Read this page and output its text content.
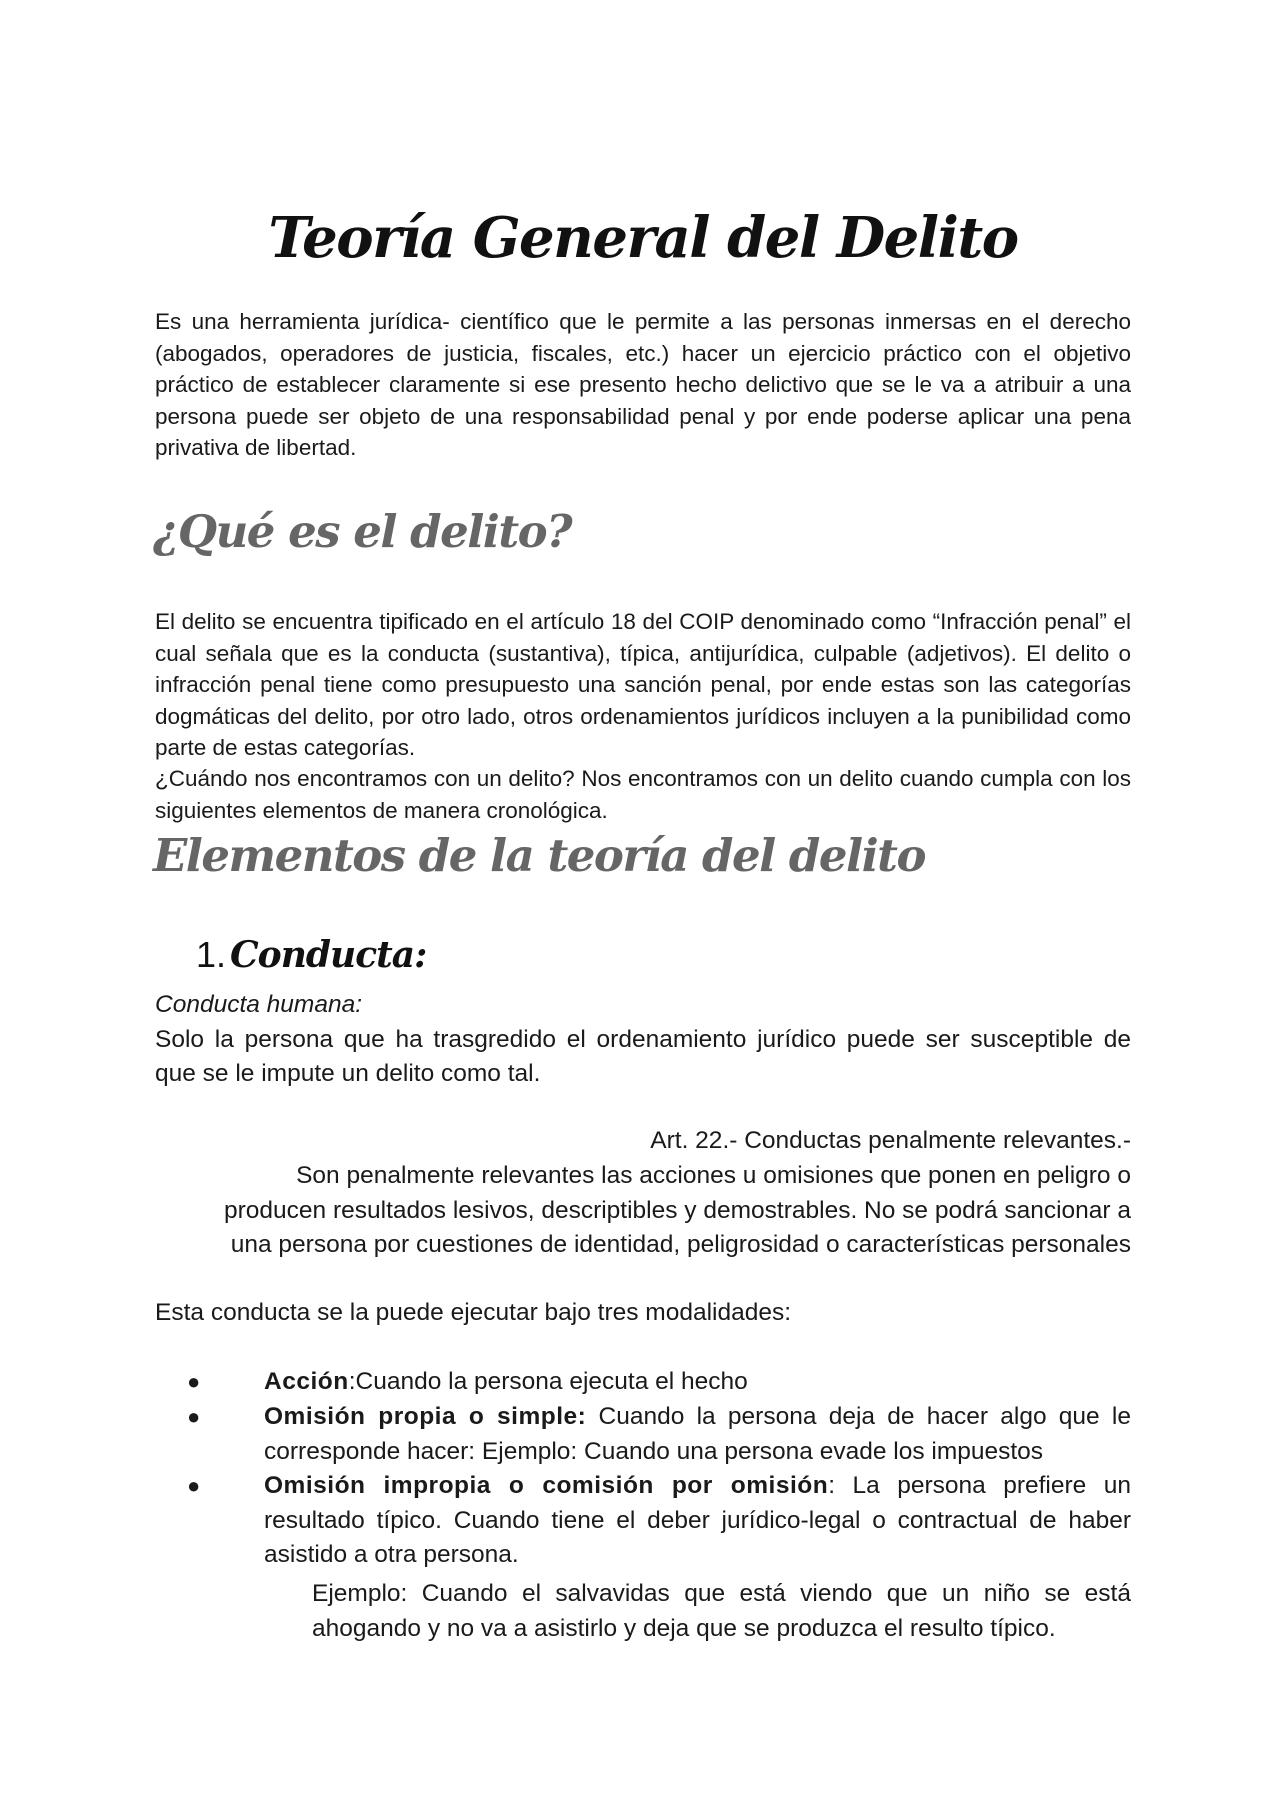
Teoría General del Delito

Es una herramienta jurídica- científico que le permite a las personas inmersas en el derecho (abogados, operadores de justicia, fiscales, etc.) hacer un ejercicio práctico con el objetivo práctico de establecer claramente si ese presento hecho delictivo que se le va a atribuir a una persona puede ser objeto de una responsabilidad penal y por ende poderse aplicar una pena privativa de libertad.

¿Qué es el delito?

El delito se encuentra tipificado en el artículo 18 del COIP denominado como “Infracción penal” el cual señala que es la conducta (sustantiva), típica, antijurídica, culpable (adjetivos). El delito o infracción penal tiene como presupuesto una sanción penal, por ende estas son las categorías dogmáticas del delito, por otro lado, otros ordenamientos jurídicos incluyen a la punibilidad como parte de estas categorías.

¿Cuándo nos encontramos con un delito? Nos encontramos con un delito cuando cumpla con los siguientes elementos de manera cronológica.

Elementos de la teoría del delito
1. Conducta:

Conducta humana:

Solo la persona que ha trasgredido el ordenamiento jurídico puede ser susceptible de que se le impute un delito como tal.

Art. 22.- Conductas penalmente relevantes.-

Son penalmente relevantes las acciones u omisiones que ponen en peligro o
producen resultados lesivos, descriptibles y demostrables. No se podrá sancionar a
una persona por cuestiones de identidad, peligrosidad o características personales

Esta conducta se la puede ejecutar bajo tres modalidades:

●	Acción:Cuando la persona ejecuta el hecho

●	Omisión propia o simple: Cuando la persona deja de hacer algo que le corresponde hacer: Ejemplo: Cuando una persona evade los impuestos

●	Omisión impropia o comisión por omisión: La persona prefiere un resultado típico. Cuando tiene el deber jurídico-legal o contractual de haber asistido a otra persona.

Ejemplo: Cuando el salvavidas que está viendo que un niño se está ahogando y no va a asistirlo y deja que se produzca el resulto típico.
